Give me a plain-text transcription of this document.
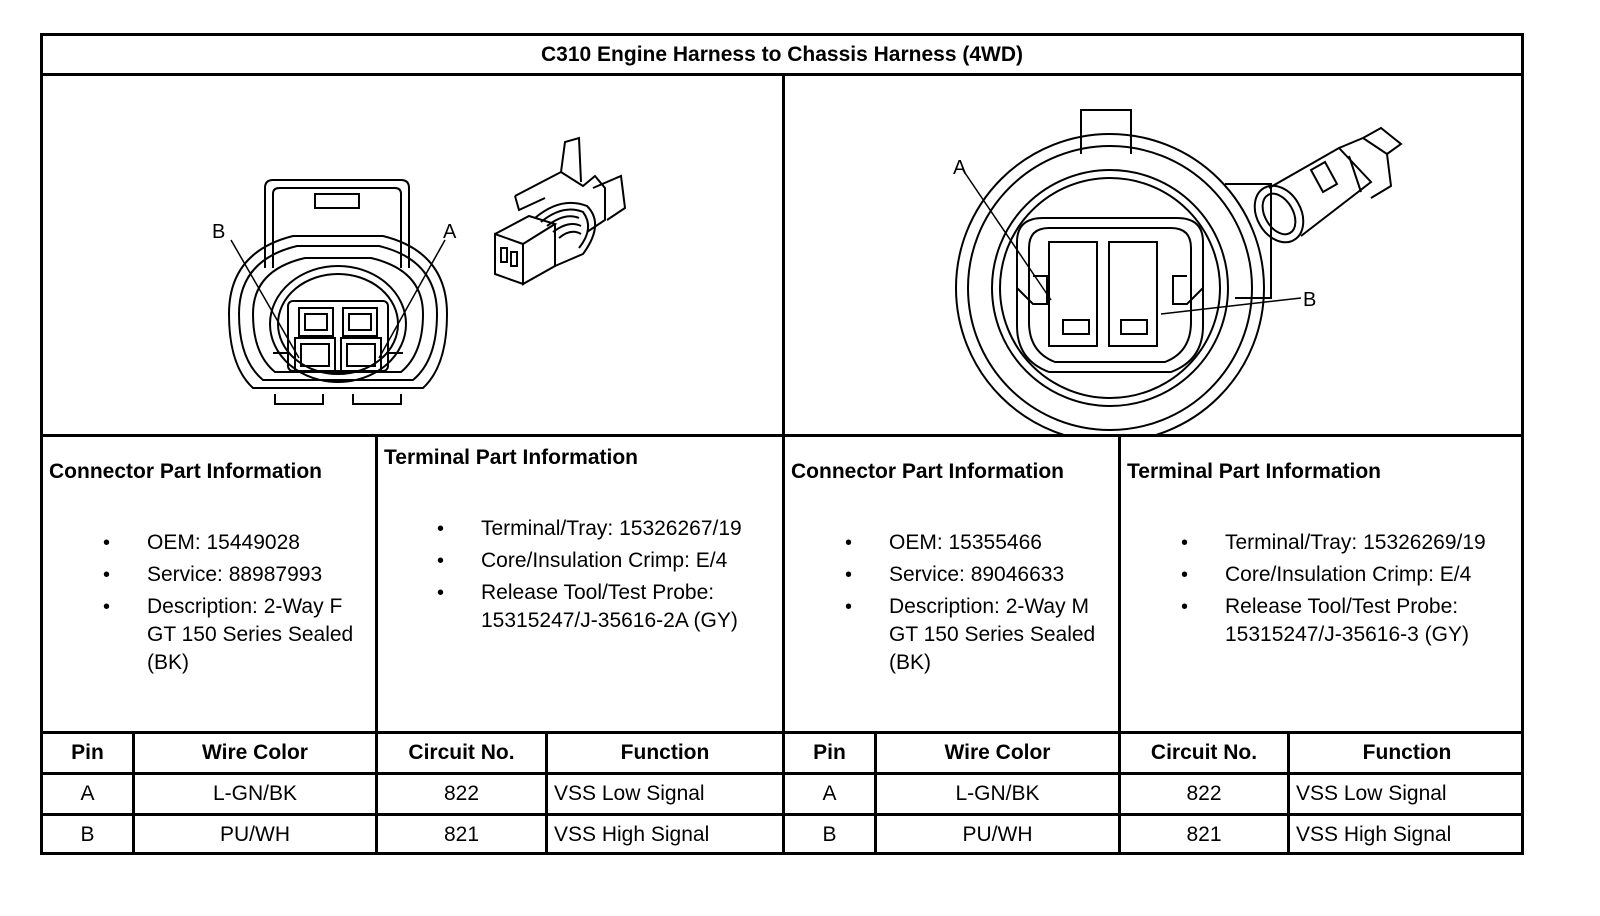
C310 Engine Harness to Chassis Harness (4WD)
B	A
A
B
Connector Part Information
• OEM: 15449028
• Service: 88987993
• Description: 2-Way F GT 150 Series Sealed (BK)
Terminal Part Information
• Terminal/Tray: 15326267/19
• Core/Insulation Crimp: E/4
• Release Tool/Test Probe: 15315247/J-35616-2A (GY)
Connector Part Information
• OEM: 15355466
• Service: 89046633
• Description: 2-Way M GT 150 Series Sealed (BK)
Terminal Part Information
• Terminal/Tray: 15326269/19
• Core/Insulation Crimp: E/4
• Release Tool/Test Probe: 15315247/J-35616-3 (GY)
Pin	Wire Color	Circuit No.	Function
A	L-GN/BK	822	VSS Low Signal
B	PU/WH	821	VSS High Signal
Pin	Wire Color	Circuit No.	Function
A	L-GN/BK	822	VSS Low Signal
B	PU/WH	821	VSS High Signal
